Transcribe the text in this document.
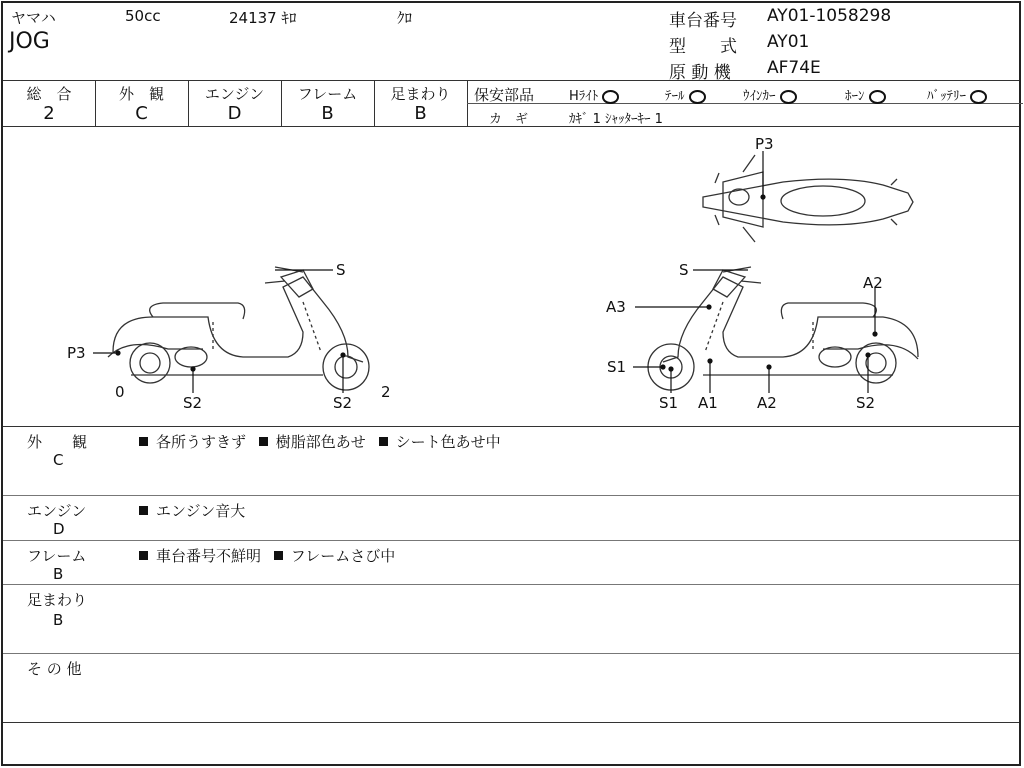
ヤマハ	50cc	24137 ｷﾛ	ｸﾛ
JOG
車台番号 AY01-1058298
型　　式 AY01
原 動 機 AF74E
総　合
2
外　観
C
エンジン
D
フレーム
B
足まわり
B
保安部品	Hﾗｲﾄ	ﾃｰﾙ	ｳｲﾝｶｰ	ﾎｰﾝ	ﾊﾞｯﾃﾘｰ
カ　ギ	ｶｷﾞ 1 ｼｬｯﾀｰｷｰ 1
S
P3
S2	S2
0	2
P3
S
A2
A3
S1
S1 A1	A2	S2
外　　観
C
各所うすきず 樹脂部色あせ シート色あせ中
エンジン
D
エンジン音大
フレーム
B
車台番号不鮮明 フレームさび中
足まわり
B
そ の 他
